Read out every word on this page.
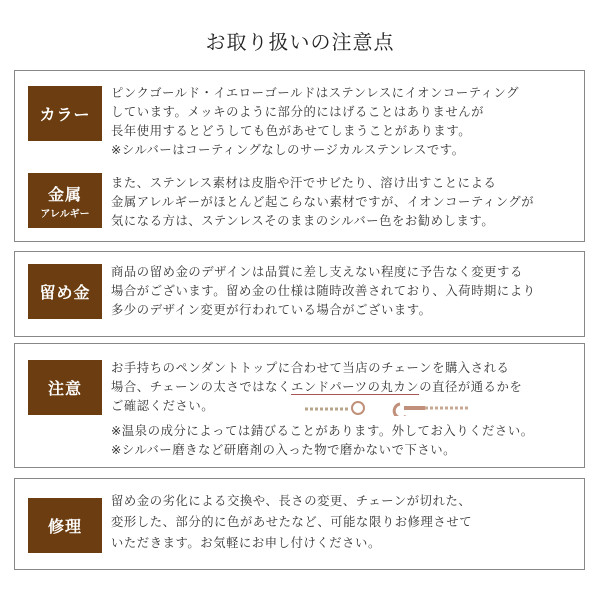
お取り扱いの注意点
カラー
ピンクゴールド・イエローゴールドはステンレスにイオンコーティング
しています。メッキのように部分的にはげることはありませんが
長年使用するとどうしても色があせてしまうことがあります。
※シルバーはコーティングなしのサージカルステンレスです。
金属
アレルギー
また、ステンレス素材は皮脂や汗でサビたり、溶け出すことによる
金属アレルギーがほとんど起こらない素材ですが、イオンコーティングが
気になる方は、ステンレスそのままのシルバー色をお勧めします。
留め金
商品の留め金のデザインは品質に差し支えない程度に予告なく変更する
場合がございます。留め金の仕様は随時改善されており、入荷時期により
多少のデザイン変更が行われている場合がございます。
注意
お手持ちのペンダントトップに合わせて当店のチェーンを購入される
場合、チェーンの太さではなくエンドパーツの丸カンの直径が通るかを
ご確認ください。
※温泉の成分によっては錆びることがあります。外してお入りください。
※シルバー磨きなど研磨剤の入った物で磨かないで下さい。
修理
留め金の劣化による交換や、長さの変更、チェーンが切れた、
変形した、部分的に色があせたなど、可能な限りお修理させて
いただきます。お気軽にお申し付けください。
